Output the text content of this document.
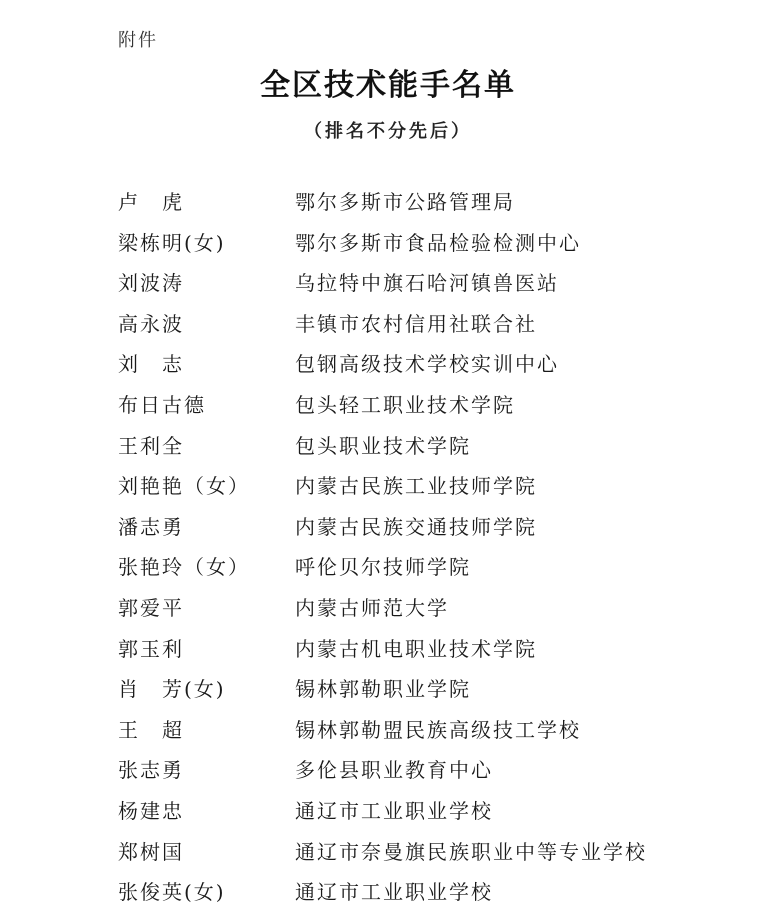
附件
全区技术能手名单
（排名不分先后）
卢　虎	鄂尔多斯市公路管理局
梁栋明(女)	鄂尔多斯市食品检验检测中心
刘波涛	乌拉特中旗石哈河镇兽医站
高永波	丰镇市农村信用社联合社
刘　志	包钢高级技术学校实训中心
布日古德	包头轻工职业技术学院
王利全	包头职业技术学院
刘艳艳（女） 内蒙古民族工业技师学院
潘志勇	内蒙古民族交通技师学院
张艳玲（女） 呼伦贝尔技师学院
郭爱平	内蒙古师范大学
郭玉利	内蒙古机电职业技术学院
肖　芳(女)	锡林郭勒职业学院
王　超	锡林郭勒盟民族高级技工学校
张志勇	多伦县职业教育中心
杨建忠	通辽市工业职业学校
郑树国	通辽市奈曼旗民族职业中等专业学校
张俊英(女)	通辽市工业职业学校
